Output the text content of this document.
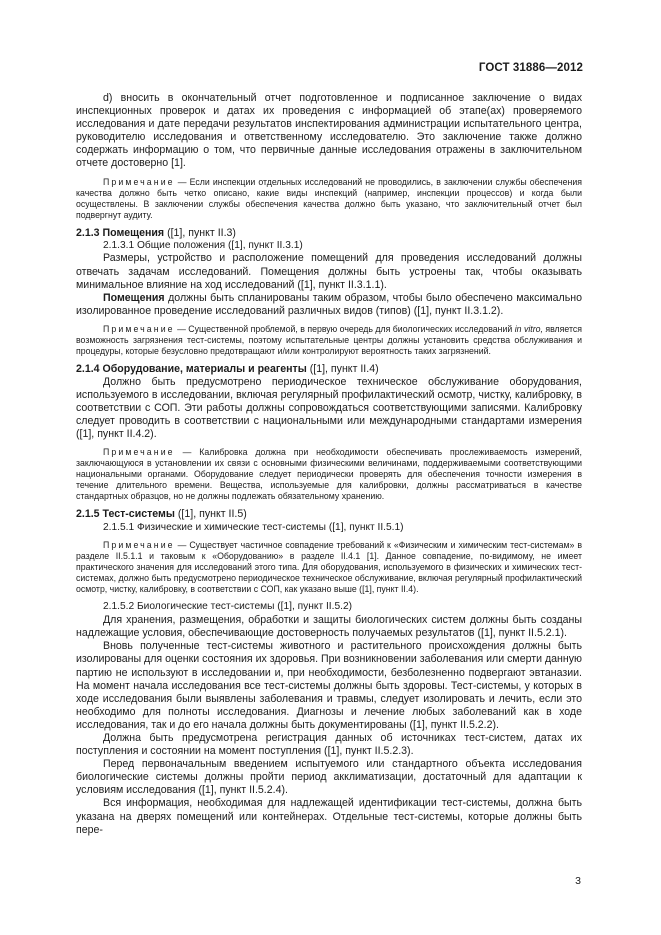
ГОСТ 31886—2012

d) вносить в окончательный отчет подготовленное и подписанное заключение о видах инспекционных проверок и датах их проведения с информацией об этапе(ах) проверяемого исследования и дате передачи результатов инспектирования администрации испытательного центра, руководителю исследования и ответственному исследователю. Это заключение также должно содержать информацию о том, что первичные данные исследования отражены в заключительном отчете достоверно [1].

Примечание — Если инспекции отдельных исследований не проводились, в заключении службы обеспечения качества должно быть четко описано, какие виды инспекций (например, инспекции процессов) и когда были осуществлены. В заключении службы обеспечения качества должно быть указано, что заключительный отчет был подвергнут аудиту.

2.1.3 Помещения ([1], пункт II.3)

2.1.3.1 Общие положения ([1], пункт II.3.1)

Размеры, устройство и расположение помещений для проведения исследований должны отвечать задачам исследований. Помещения должны быть устроены так, чтобы оказывать минимальное влияние на ход исследований ([1], пункт II.3.1.1).

Помещения должны быть спланированы таким образом, чтобы было обеспечено максимально изолированное проведение исследований различных видов (типов) ([1], пункт II.3.1.2).

Примечание — Существенной проблемой, в первую очередь для биологических исследований in vitro, является возможность загрязнения тест-системы, поэтому испытательные центры должны установить средства обслуживания и процедуры, которые безусловно предотвращают и/или контролируют вероятность таких загрязнений.

2.1.4 Оборудование, материалы и реагенты ([1], пункт II.4)

Должно быть предусмотрено периодическое техническое обслуживание оборудования, используемого в исследовании, включая регулярный профилактический осмотр, чистку, калибровку, в соответствии с СОП. Эти работы должны сопровождаться соответствующими записями. Калибровку следует проводить в соответствии с национальными или международными стандартами измерения ([1], пункт II.4.2).

Примечание — Калибровка должна при необходимости обеспечивать прослеживаемость измерений, заключающуюся в установлении их связи с основными физическими величинами, поддерживаемыми соответствующими национальными органами. Оборудование следует периодически проверять для обеспечения точности измерения в течение длительного времени. Вещества, используемые для калибровки, должны рассматриваться в качестве стандартных образцов, но не должны подлежать обязательному хранению.

2.1.5 Тест-системы ([1], пункт II.5)

2.1.5.1 Физические и химические тест-системы ([1], пункт II.5.1)

Примечание — Существует частичное совпадение требований к «Физическим и химическим тест-системам» в разделе II.5.1.1 и таковым к «Оборудованию» в разделе II.4.1 [1]. Данное совпадение, по-видимому, не имеет практического значения для исследований этого типа. Для оборудования, используемого в физических и химических тест-системах, должно быть предусмотрено периодическое техническое обслуживание, включая регулярный профилактический осмотр, чистку, калибровку, в соответствии с СОП, как указано выше ([1], пункт II.4).

2.1.5.2 Биологические тест-системы ([1], пункт II.5.2)

Для хранения, размещения, обработки и защиты биологических систем должны быть созданы надлежащие условия, обеспечивающие достоверность получаемых результатов ([1], пункт II.5.2.1).

Вновь полученные тест-системы животного и растительного происхождения должны быть изолированы для оценки состояния их здоровья. При возникновении заболевания или смерти данную партию не используют в исследовании и, при необходимости, безболезненно подвергают эвтаназии. На момент начала исследования все тест-системы должны быть здоровы. Тест-системы, у которых в ходе исследования были выявлены заболевания и травмы, следует изолировать и лечить, если это необходимо для полноты исследования. Диагнозы и лечение любых заболеваний как в ходе исследования, так и до его начала должны быть документированы ([1], пункт II.5.2.2).

Должна быть предусмотрена регистрация данных об источниках тест-систем, датах их поступления и состоянии на момент поступления ([1], пункт II.5.2.3).

Перед первоначальным введением испытуемого или стандартного объекта исследования биологические системы должны пройти период акклиматизации, достаточный для адаптации к условиям исследования ([1], пункт II.5.2.4).

Вся информация, необходимая для надлежащей идентификации тест-системы, должна быть указана на дверях помещений или контейнерах. Отдельные тест-системы, которые должны быть пере-

3
